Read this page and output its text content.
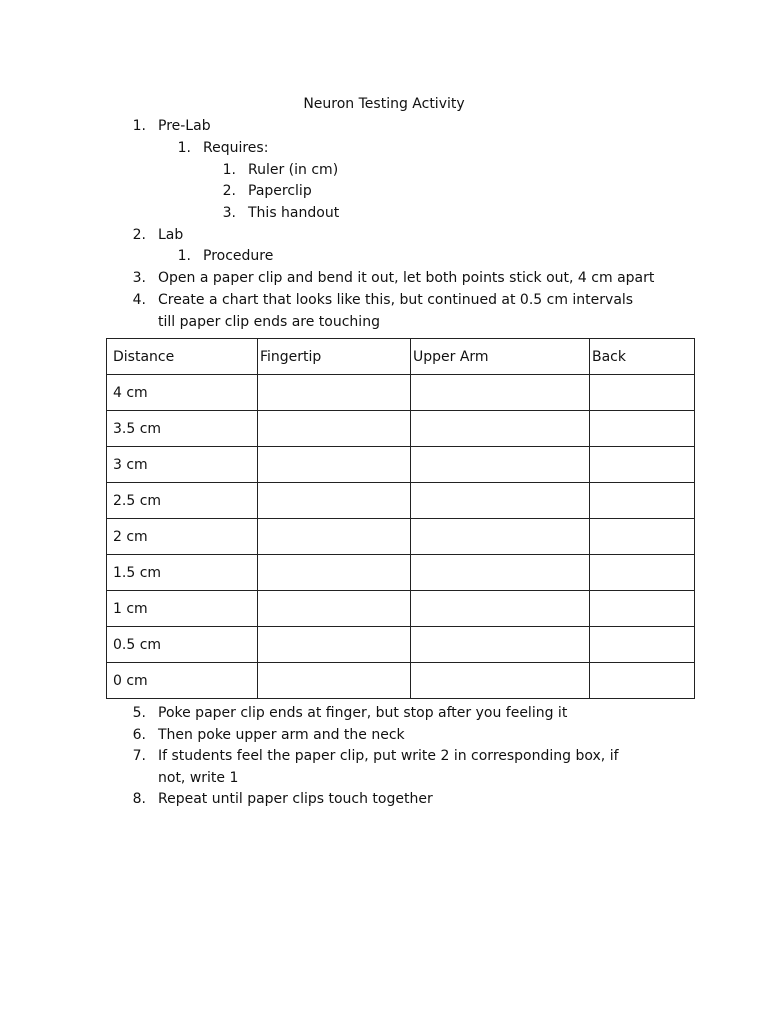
Neuron Testing Activity
1. Pre-Lab
1. Requires:
1. Ruler (in cm)
2. Paperclip
3. This handout
2. Lab
1. Procedure
3. Open a paper clip and bend it out, let both points stick out, 4 cm apart
4. Create a chart that looks like this, but continued at 0.5 cm intervals
till paper clip ends are touching
Distance	Fingertip	Upper Arm	Back
4 cm			
3.5 cm			
3 cm			
2.5 cm			
2 cm			
1.5 cm			
1 cm			
0.5 cm			
0 cm			
5. Poke paper clip ends at finger, but stop after you feeling it
6. Then poke upper arm and the neck
7. If students feel the paper clip, put write 2 in corresponding box, if
not, write 1
8. Repeat until paper clips touch together
